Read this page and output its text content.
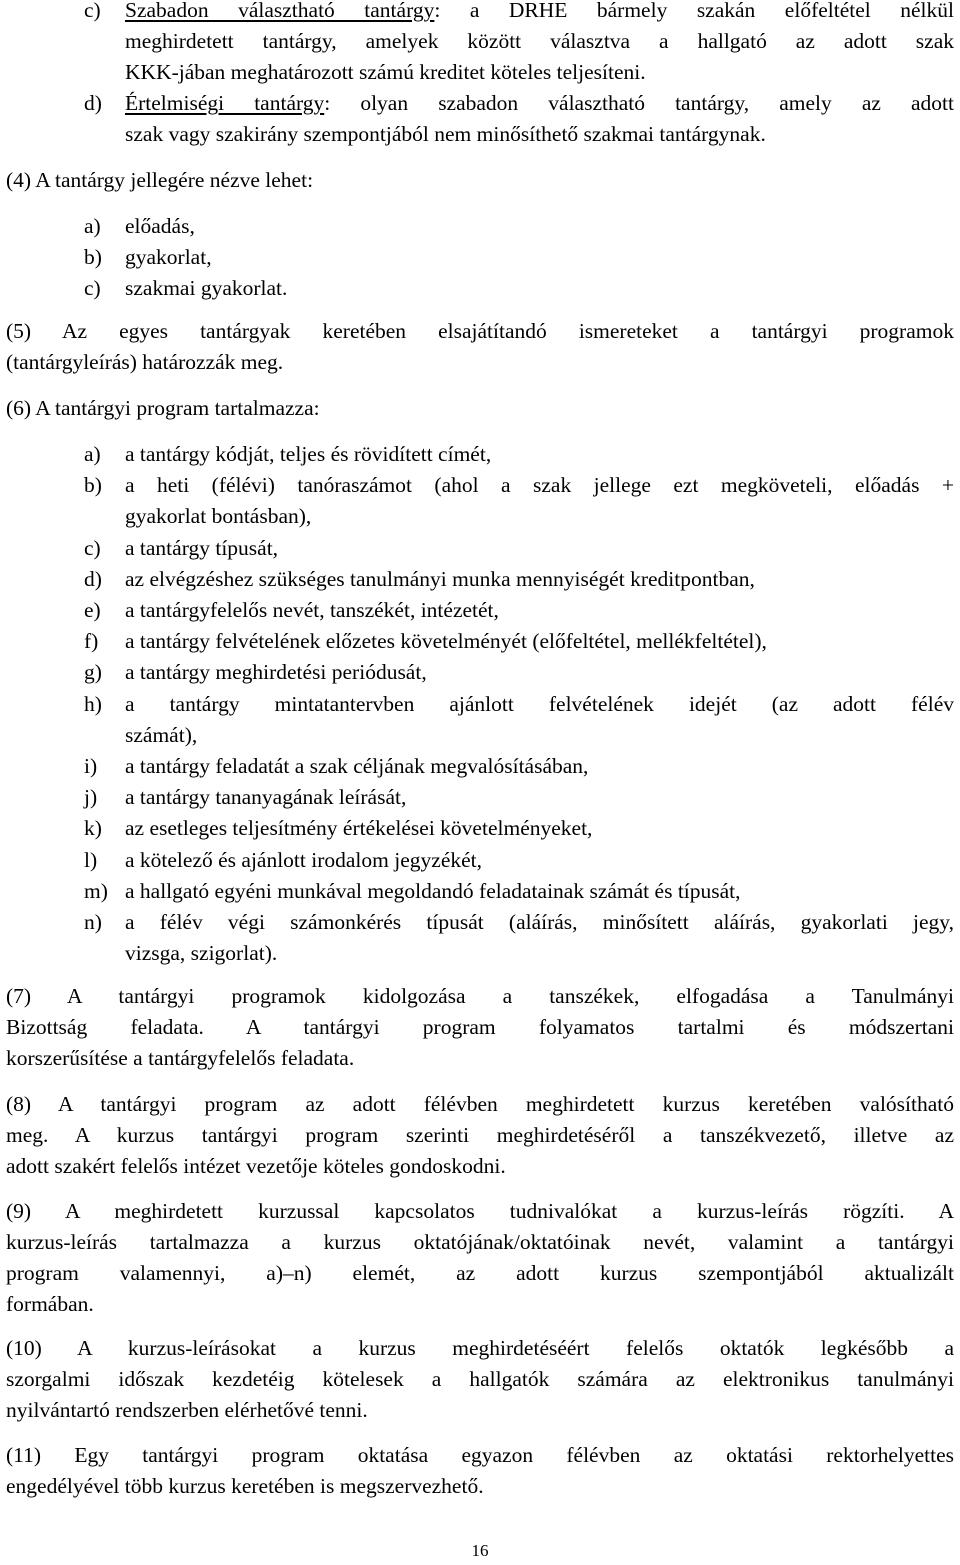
c) Szabadon választható tantárgy: a DRHE bármely szakán előfeltétel nélkül
meghirdetett tantárgy, amelyek között választva a hallgató az adott szak
KKK-jában meghatározott számú kreditet köteles teljesíteni.
d) Értelmiségi tantárgy: olyan szabadon választható tantárgy, amely az adott
szak vagy szakirány szempontjából nem minősíthető szakmai tantárgynak.
(4) A tantárgy jellegére nézve lehet:
a) előadás,
b) gyakorlat,
c) szakmai gyakorlat.
(5) Az egyes tantárgyak keretében elsajátítandó ismereteket a tantárgyi programok
(tantárgyleírás) határozzák meg.
(6) A tantárgyi program tartalmazza:
a) a tantárgy kódját, teljes és rövidített címét,
b) a heti (félévi) tanóraszámot (ahol a szak jellege ezt megköveteli, előadás +
gyakorlat bontásban),
c) a tantárgy típusát,
d) az elvégzéshez szükséges tanulmányi munka mennyiségét kreditpontban,
e) a tantárgyfelelős nevét, tanszékét, intézetét,
f) a tantárgy felvételének előzetes követelményét (előfeltétel, mellékfeltétel),
g) a tantárgy meghirdetési periódusát,
h) a tantárgy mintatantervben ajánlott felvételének idejét (az adott félév
számát),
i) a tantárgy feladatát a szak céljának megvalósításában,
j) a tantárgy tananyagának leírását,
k) az esetleges teljesítmény értékelései követelményeket,
l) a kötelező és ajánlott irodalom jegyzékét,
m) a hallgató egyéni munkával megoldandó feladatainak számát és típusát,
n) a félév végi számonkérés típusát (aláírás, minősített aláírás, gyakorlati jegy,
vizsga, szigorlat).
(7) A tantárgyi programok kidolgozása a tanszékek, elfogadása a Tanulmányi
Bizottság feladata. A tantárgyi program folyamatos tartalmi és módszertani
korszerűsítése a tantárgyfelelős feladata.
(8) A tantárgyi program az adott félévben meghirdetett kurzus keretében valósítható
meg. A kurzus tantárgyi program szerinti meghirdetéséről a tanszékvezető, illetve az
adott szakért felelős intézet vezetője köteles gondoskodni.
(9) A meghirdetett kurzussal kapcsolatos tudnivalókat a kurzus-leírás rögzíti. A
kurzus-leírás tartalmazza a kurzus oktatójának/oktatóinak nevét, valamint a tantárgyi
program valamennyi, a)–n) elemét, az adott kurzus szempontjából aktualizált
formában.
(10) A kurzus-leírásokat a kurzus meghirdetéséért felelős oktatók legkésőbb a
szorgalmi időszak kezdetéig kötelesek a hallgatók számára az elektronikus tanulmányi
nyilvántartó rendszerben elérhetővé tenni.
(11) Egy tantárgyi program oktatása egyazon félévben az oktatási rektorhelyettes
engedélyével több kurzus keretében is megszervezhető.
16
